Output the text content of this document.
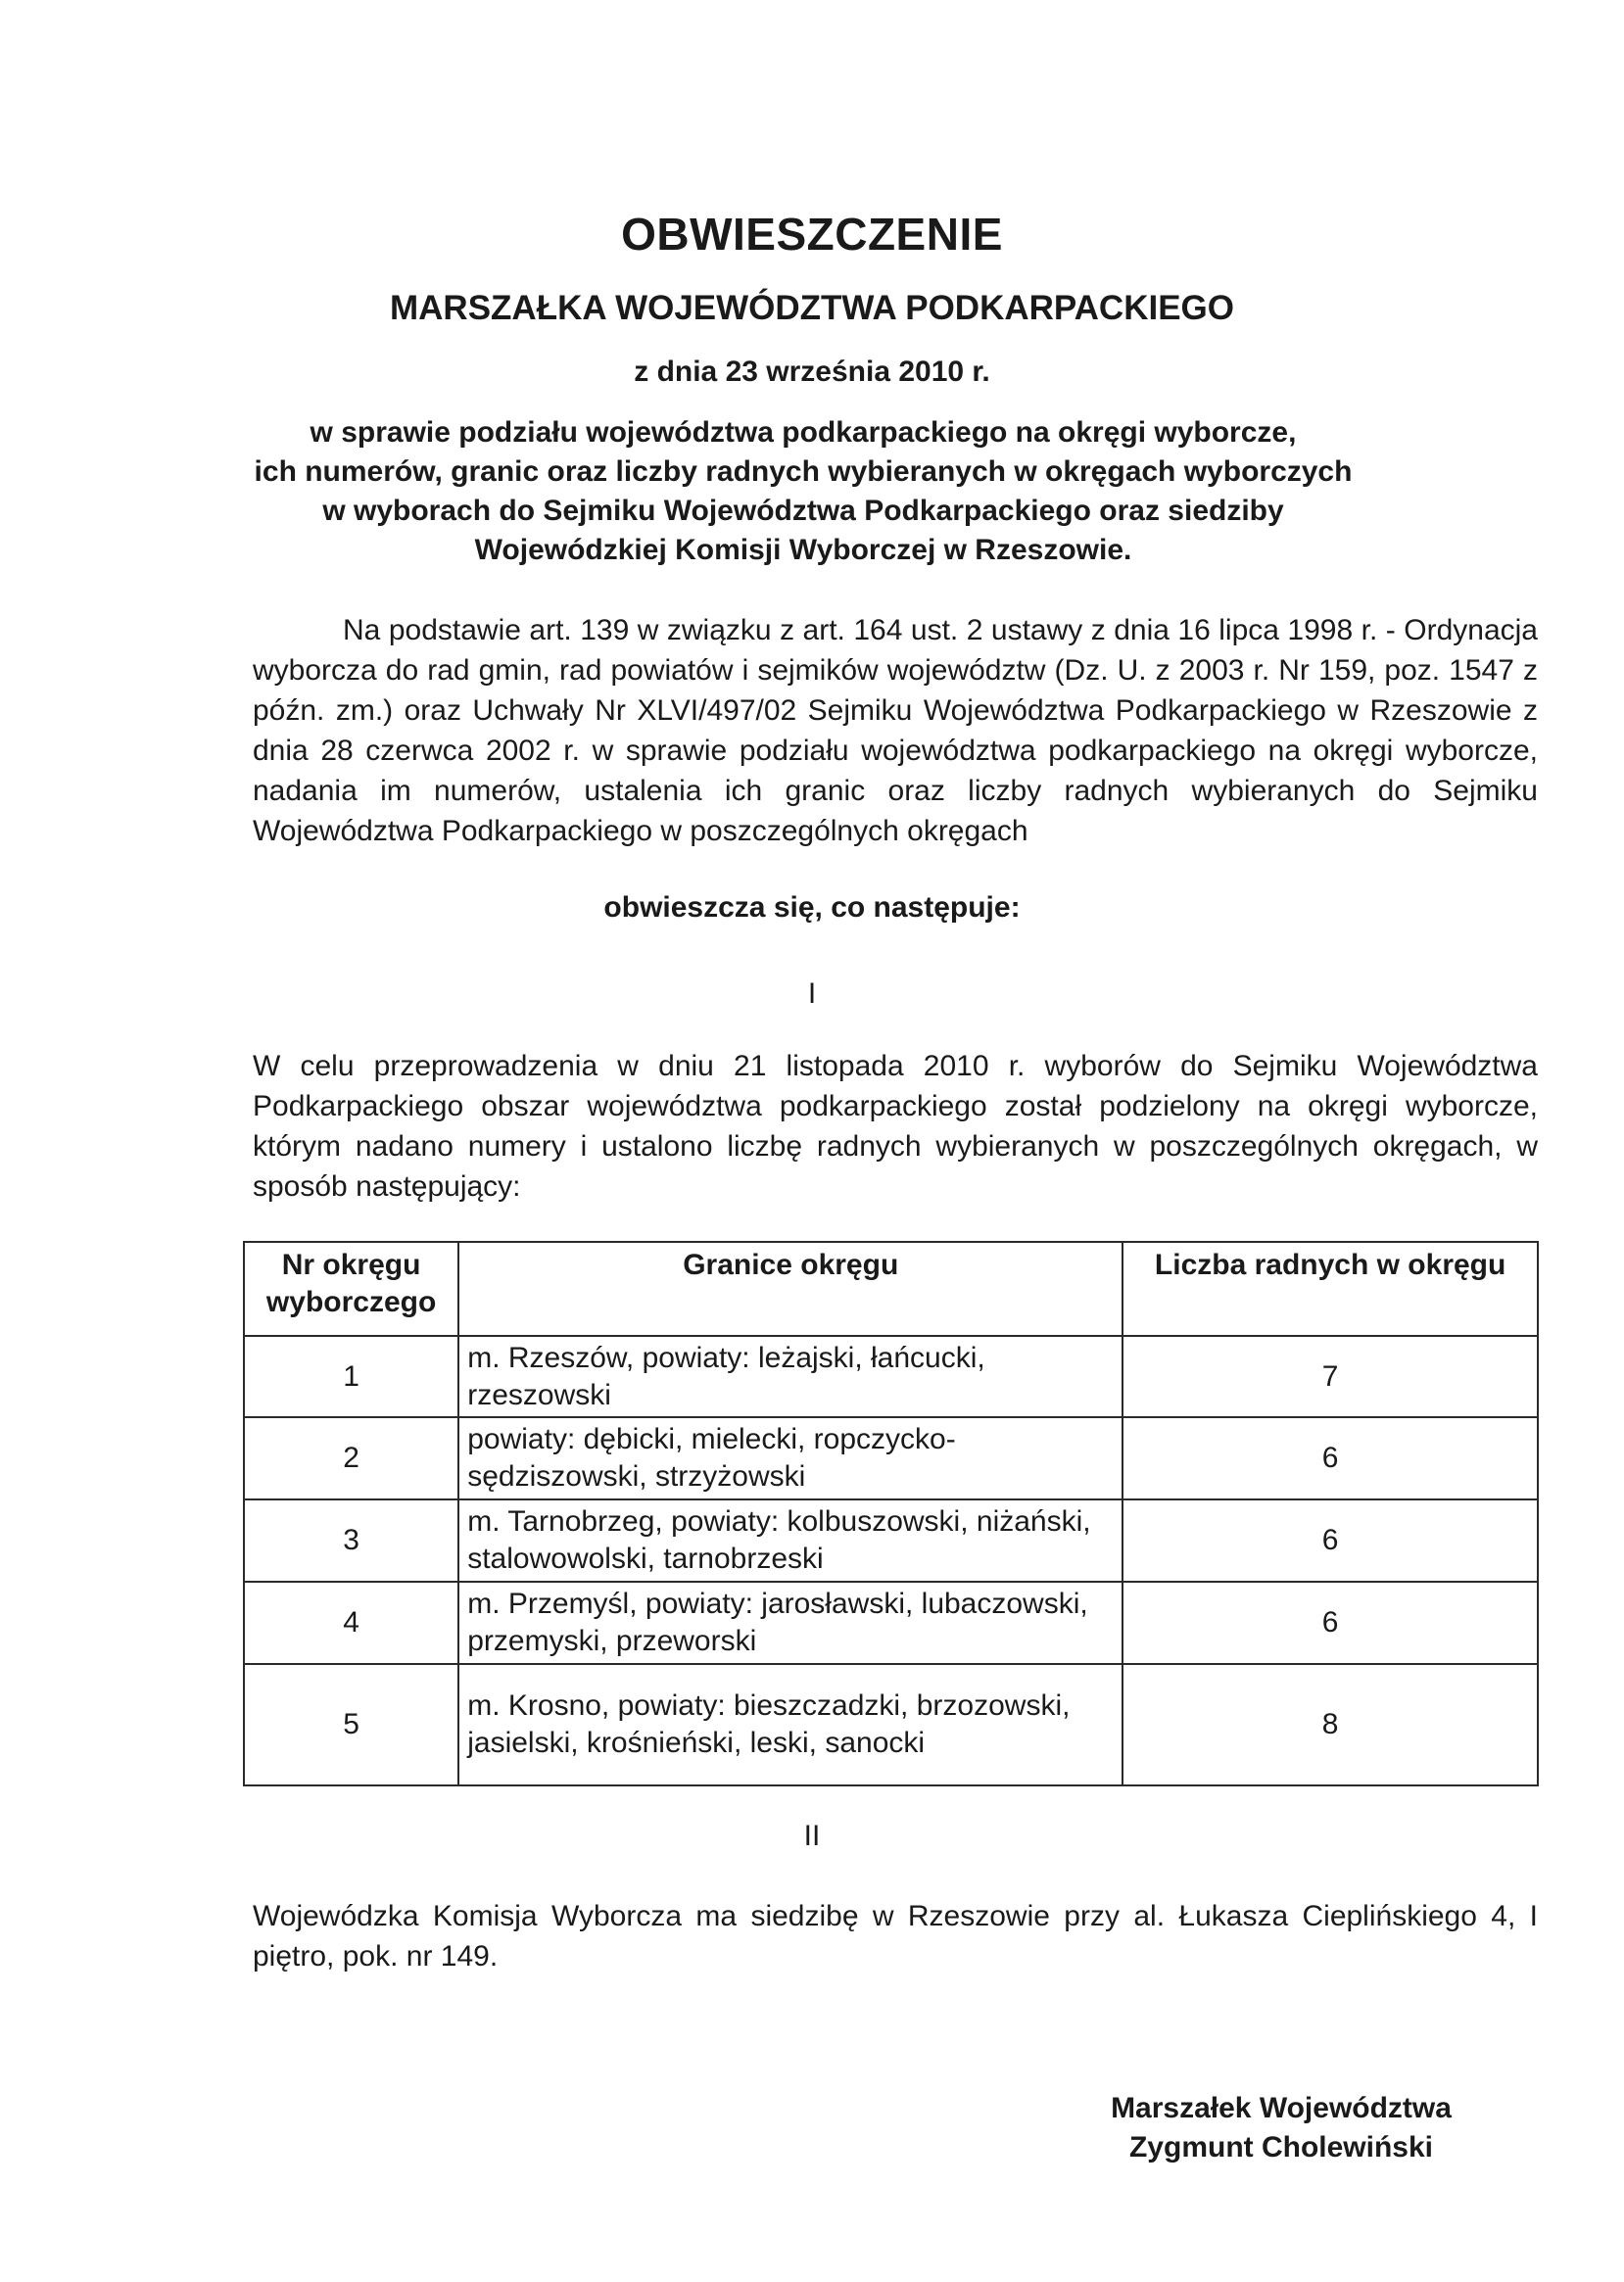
OBWIESZCZENIE
MARSZAŁKA WOJEWÓDZTWA PODKARPACKIEGO
z dnia 23 września 2010 r.
w sprawie podziału województwa podkarpackiego na okręgi wyborcze,
ich numerów, granic oraz liczby radnych wybieranych w okręgach wyborczych
w wyborach do Sejmiku Województwa Podkarpackiego oraz siedziby
Wojewódzkiej Komisji Wyborczej w Rzeszowie.
Na podstawie art. 139 w związku z art. 164 ust. 2 ustawy z dnia 16 lipca 1998 r. - Ordynacja wyborcza do rad gmin, rad powiatów i sejmików województw (Dz. U. z 2003 r. Nr 159, poz. 1547 z późn. zm.) oraz Uchwały Nr XLVI/497/02 Sejmiku Województwa Podkarpackiego w Rzeszowie z dnia 28 czerwca 2002 r. w sprawie podziału województwa podkarpackiego na okręgi wyborcze, nadania im numerów, ustalenia ich granic oraz liczby radnych wybieranych do Sejmiku Województwa Podkarpackiego w poszczególnych okręgach
obwieszcza się, co następuje:
I
W celu przeprowadzenia w dniu 21 listopada 2010 r. wyborów do Sejmiku Województwa Podkarpackiego obszar województwa podkarpackiego został podzielony na okręgi wyborcze, którym nadano numery i ustalono liczbę radnych wybieranych w poszczególnych okręgach, w sposób następujący:
Nr okręgu wyborczego	Granice okręgu	Liczba radnych w okręgu
1	m. Rzeszów, powiaty: leżajski, łańcucki, rzeszowski	7
2	powiaty: dębicki, mielecki, ropczycko-sędziszowski, strzyżowski	6
3	m. Tarnobrzeg, powiaty: kolbuszowski, niżański, stalowowolski, tarnobrzeski	6
4	m. Przemyśl, powiaty: jarosławski, lubaczowski, przemyski, przeworski	6
5	m. Krosno, powiaty: bieszczadzki, brzozowski, jasielski, krośnieński, leski, sanocki	8
II
Wojewódzka Komisja Wyborcza ma siedzibę w Rzeszowie przy al. Łukasza Cieplińskiego 4, I piętro, pok. nr 149.
Marszałek Województwa
Zygmunt Cholewiński
